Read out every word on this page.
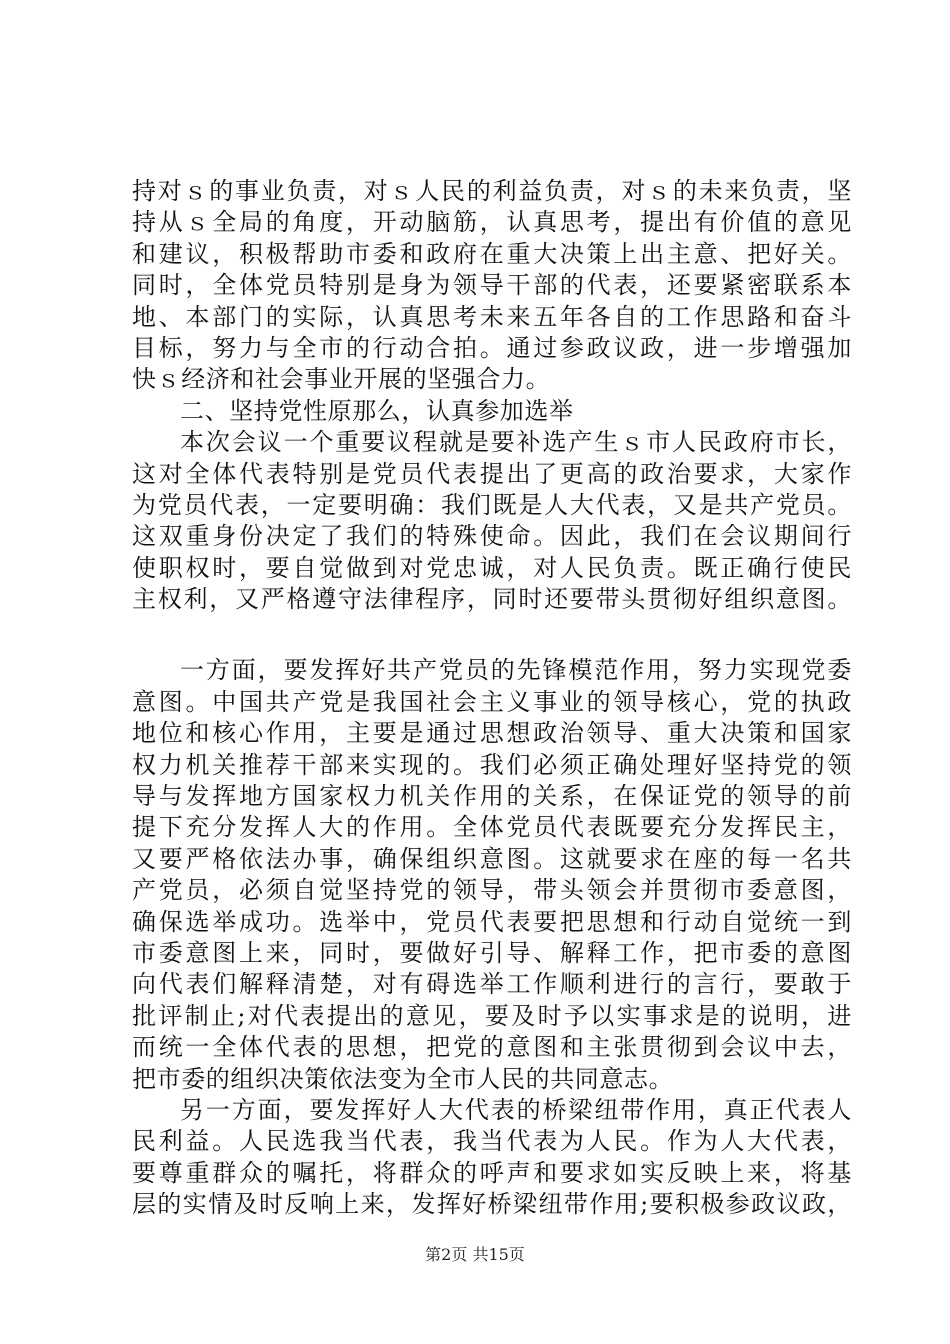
持对ｓ的事业负责，对ｓ人民的利益负责，对ｓ的未来负责，坚
持从ｓ全局的角度，开动脑筋，认真思考，提出有价值的意见
和建议，积极帮助市委和政府在重大决策上出主意、把好关。
同时，全体党员特别是身为领导干部的代表，还要紧密联系本
地、本部门的实际，认真思考未来五年各自的工作思路和奋斗
目标，努力与全市的行动合拍。通过参政议政，进一步增强加
快ｓ经济和社会事业开展的坚强合力。
二、坚持党性原那么，认真参加选举
本次会议一个重要议程就是要补选产生ｓ市人民政府市长，
这对全体代表特别是党员代表提出了更高的政治要求，大家作
为党员代表，一定要明确：我们既是人大代表，又是共产党员。
这双重身份决定了我们的特殊使命。因此，我们在会议期间行
使职权时，要自觉做到对党忠诚，对人民负责。既正确行使民
主权利，又严格遵守法律程序，同时还要带头贯彻好组织意图。
一方面，要发挥好共产党员的先锋模范作用，努力实现党委
意图。中国共产党是我国社会主义事业的领导核心，党的执政
地位和核心作用，主要是通过思想政治领导、重大决策和国家
权力机关推荐干部来实现的。我们必须正确处理好坚持党的领
导与发挥地方国家权力机关作用的关系，在保证党的领导的前
提下充分发挥人大的作用。全体党员代表既要充分发挥民主，
又要严格依法办事，确保组织意图。这就要求在座的每一名共
产党员，必须自觉坚持党的领导，带头领会并贯彻市委意图，
确保选举成功。选举中，党员代表要把思想和行动自觉统一到
市委意图上来，同时，要做好引导、解释工作，把市委的意图
向代表们解释清楚，对有碍选举工作顺利进行的言行，要敢于
批评制止;对代表提出的意见，要及时予以实事求是的说明，进
而统一全体代表的思想，把党的意图和主张贯彻到会议中去，
把市委的组织决策依法变为全市人民的共同意志。
另一方面，要发挥好人大代表的桥梁纽带作用，真正代表人
民利益。人民选我当代表，我当代表为人民。作为人大代表，
要尊重群众的嘱托，将群众的呼声和要求如实反映上来，将基
层的实情及时反响上来，发挥好桥梁纽带作用;要积极参政议政，
第2页 共15页
